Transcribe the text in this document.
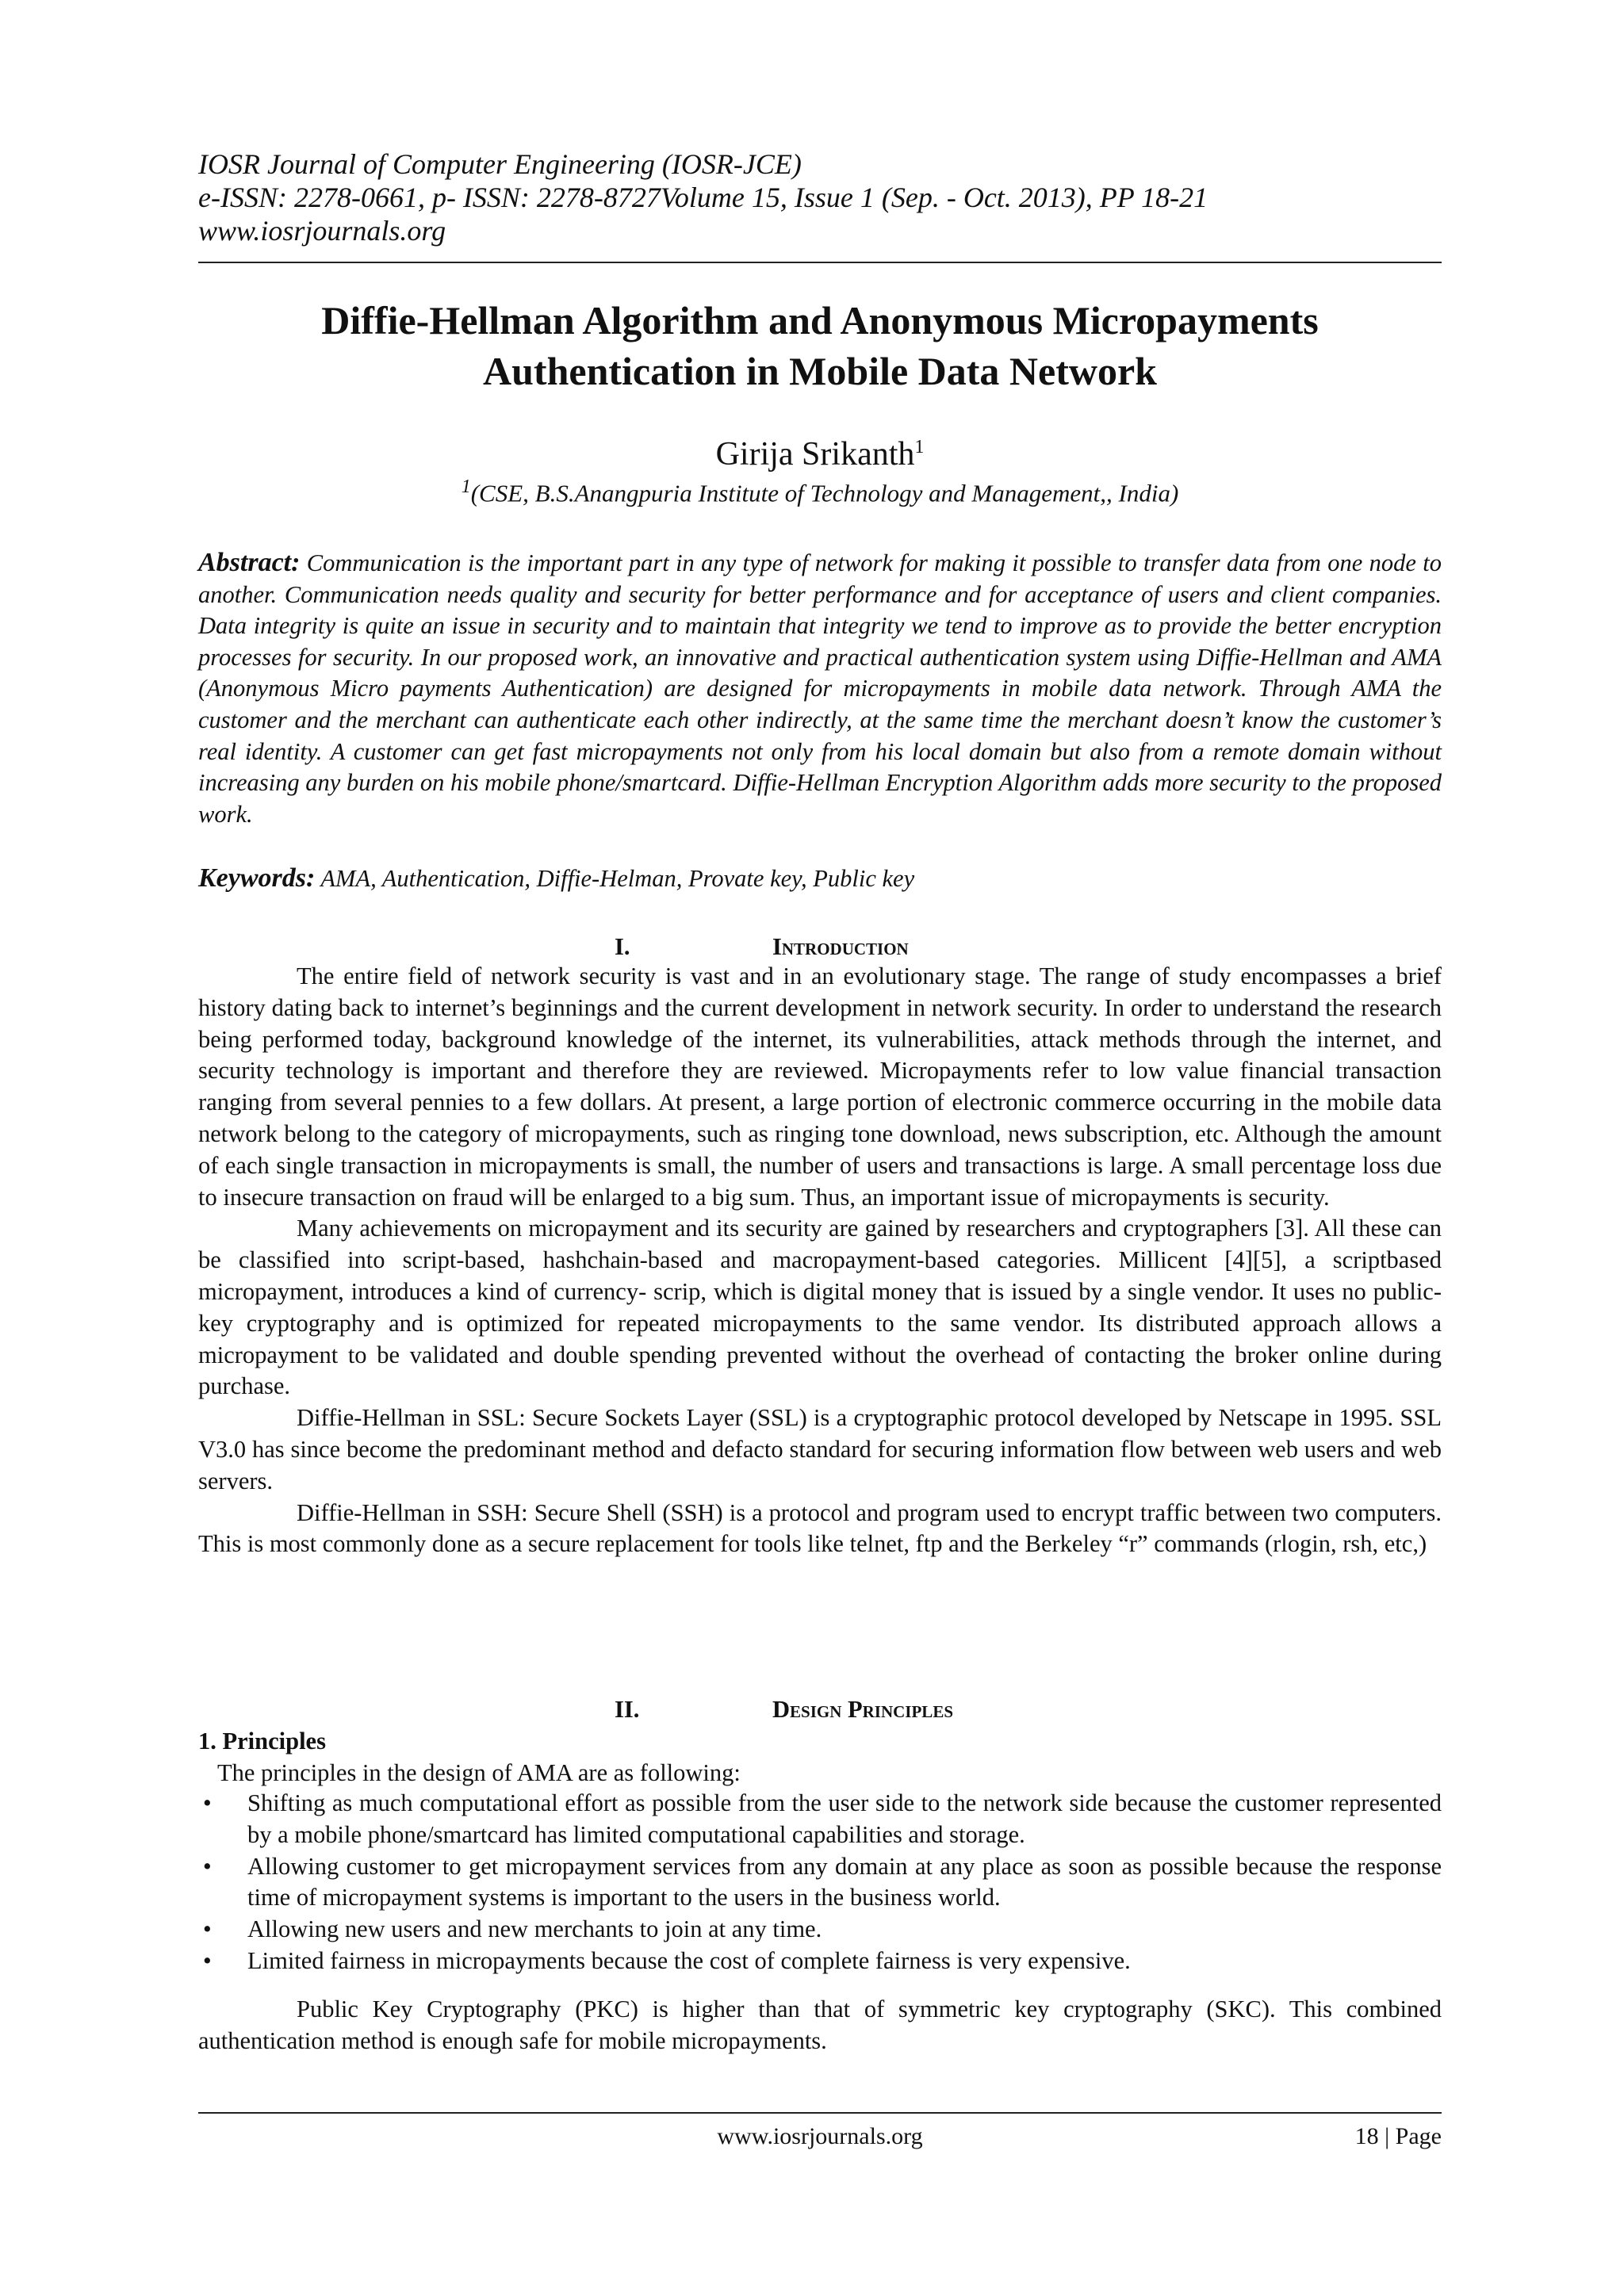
IOSR Journal of Computer Engineering (IOSR-JCE)
e-ISSN: 2278-0661, p- ISSN: 2278-8727Volume 15, Issue 1 (Sep. - Oct. 2013), PP 18-21
www.iosrjournals.org
Diffie-Hellman Algorithm and Anonymous Micropayments
Authentication in Mobile Data Network
Girija Srikanth$^1$
$^1$(CSE, B.S.Anangpuria Institute of Technology and Management,, India)
Abstract: Communication is the important part in any type of network for making it possible to transfer data from one node to another. Communication needs quality and security for better performance and for acceptance of users and client companies. Data integrity is quite an issue in security and to maintain that integrity we tend to improve as to provide the better encryption processes for security. In our proposed work, an innovative and practical authentication system using Diffie-Hellman and AMA (Anonymous Micro payments Authentication) are designed for micropayments in mobile data network. Through AMA the customer and the merchant can authenticate each other indirectly, at the same time the merchant doesn’t know the customer’s real identity. A customer can get fast micropayments not only from his local domain but also from a remote domain without increasing any burden on his mobile phone/smartcard. Diffie-Hellman Encryption Algorithm adds more security to the proposed work.
Keywords: AMA, Authentication, Diffie-Helman, Provate key, Public key
I.	Introduction

The entire field of network security is vast and in an evolutionary stage. The range of study encompasses a brief history dating back to internet’s beginnings and the current development in network security. In order to understand the research being performed today, background knowledge of the internet, its vulnerabilities, attack methods through the internet, and security technology is important and therefore they are reviewed. Micropayments refer to low value financial transaction ranging from several pennies to a few dollars. At present, a large portion of electronic commerce occurring in the mobile data network belong to the category of micropayments, such as ringing tone download, news subscription, etc. Although the amount of each single transaction in micropayments is small, the number of users and transactions is large. A small percentage loss due to insecure transaction on fraud will be enlarged to a big sum. Thus, an important issue of micropayments is security.

Many achievements on micropayment and its security are gained by researchers and cryptographers [3]. All these can be classified into script-based, hashchain-based and macropayment-based categories. Millicent [4][5], a scriptbased micropayment, introduces a kind of currency- scrip, which is digital money that is issued by a single vendor. It uses no public-key cryptography and is optimized for repeated micropayments to the same vendor. Its distributed approach allows a micropayment to be validated and double spending prevented without the overhead of contacting the broker online during purchase.

Diffie-Hellman in SSL: Secure Sockets Layer (SSL) is a cryptographic protocol developed by Netscape in 1995. SSL V3.0 has since become the predominant method and defacto standard for securing information flow between web users and web servers.

Diffie-Hellman in SSH: Secure Shell (SSH) is a protocol and program used to encrypt traffic between two computers. This is most commonly done as a secure replacement for tools like telnet, ftp and the Berkeley “r” commands (rlogin, rsh, etc,)

II.	Design Principles
1. Principles
The principles in the design of AMA are as following:
• Shifting as much computational effort as possible from the user side to the network side because the customer represented by a mobile phone/smartcard has limited computational capabilities and storage.
• Allowing customer to get micropayment services from any domain at any place as soon as possible because the response time of micropayment systems is important to the users in the business world.
• Allowing new users and new merchants to join at any time.
• Limited fairness in micropayments because the cost of complete fairness is very expensive.

Public Key Cryptography (PKC) is higher than that of symmetric key cryptography (SKC). This combined authentication method is enough safe for mobile micropayments.

www.iosrjournals.org	18 | Page
